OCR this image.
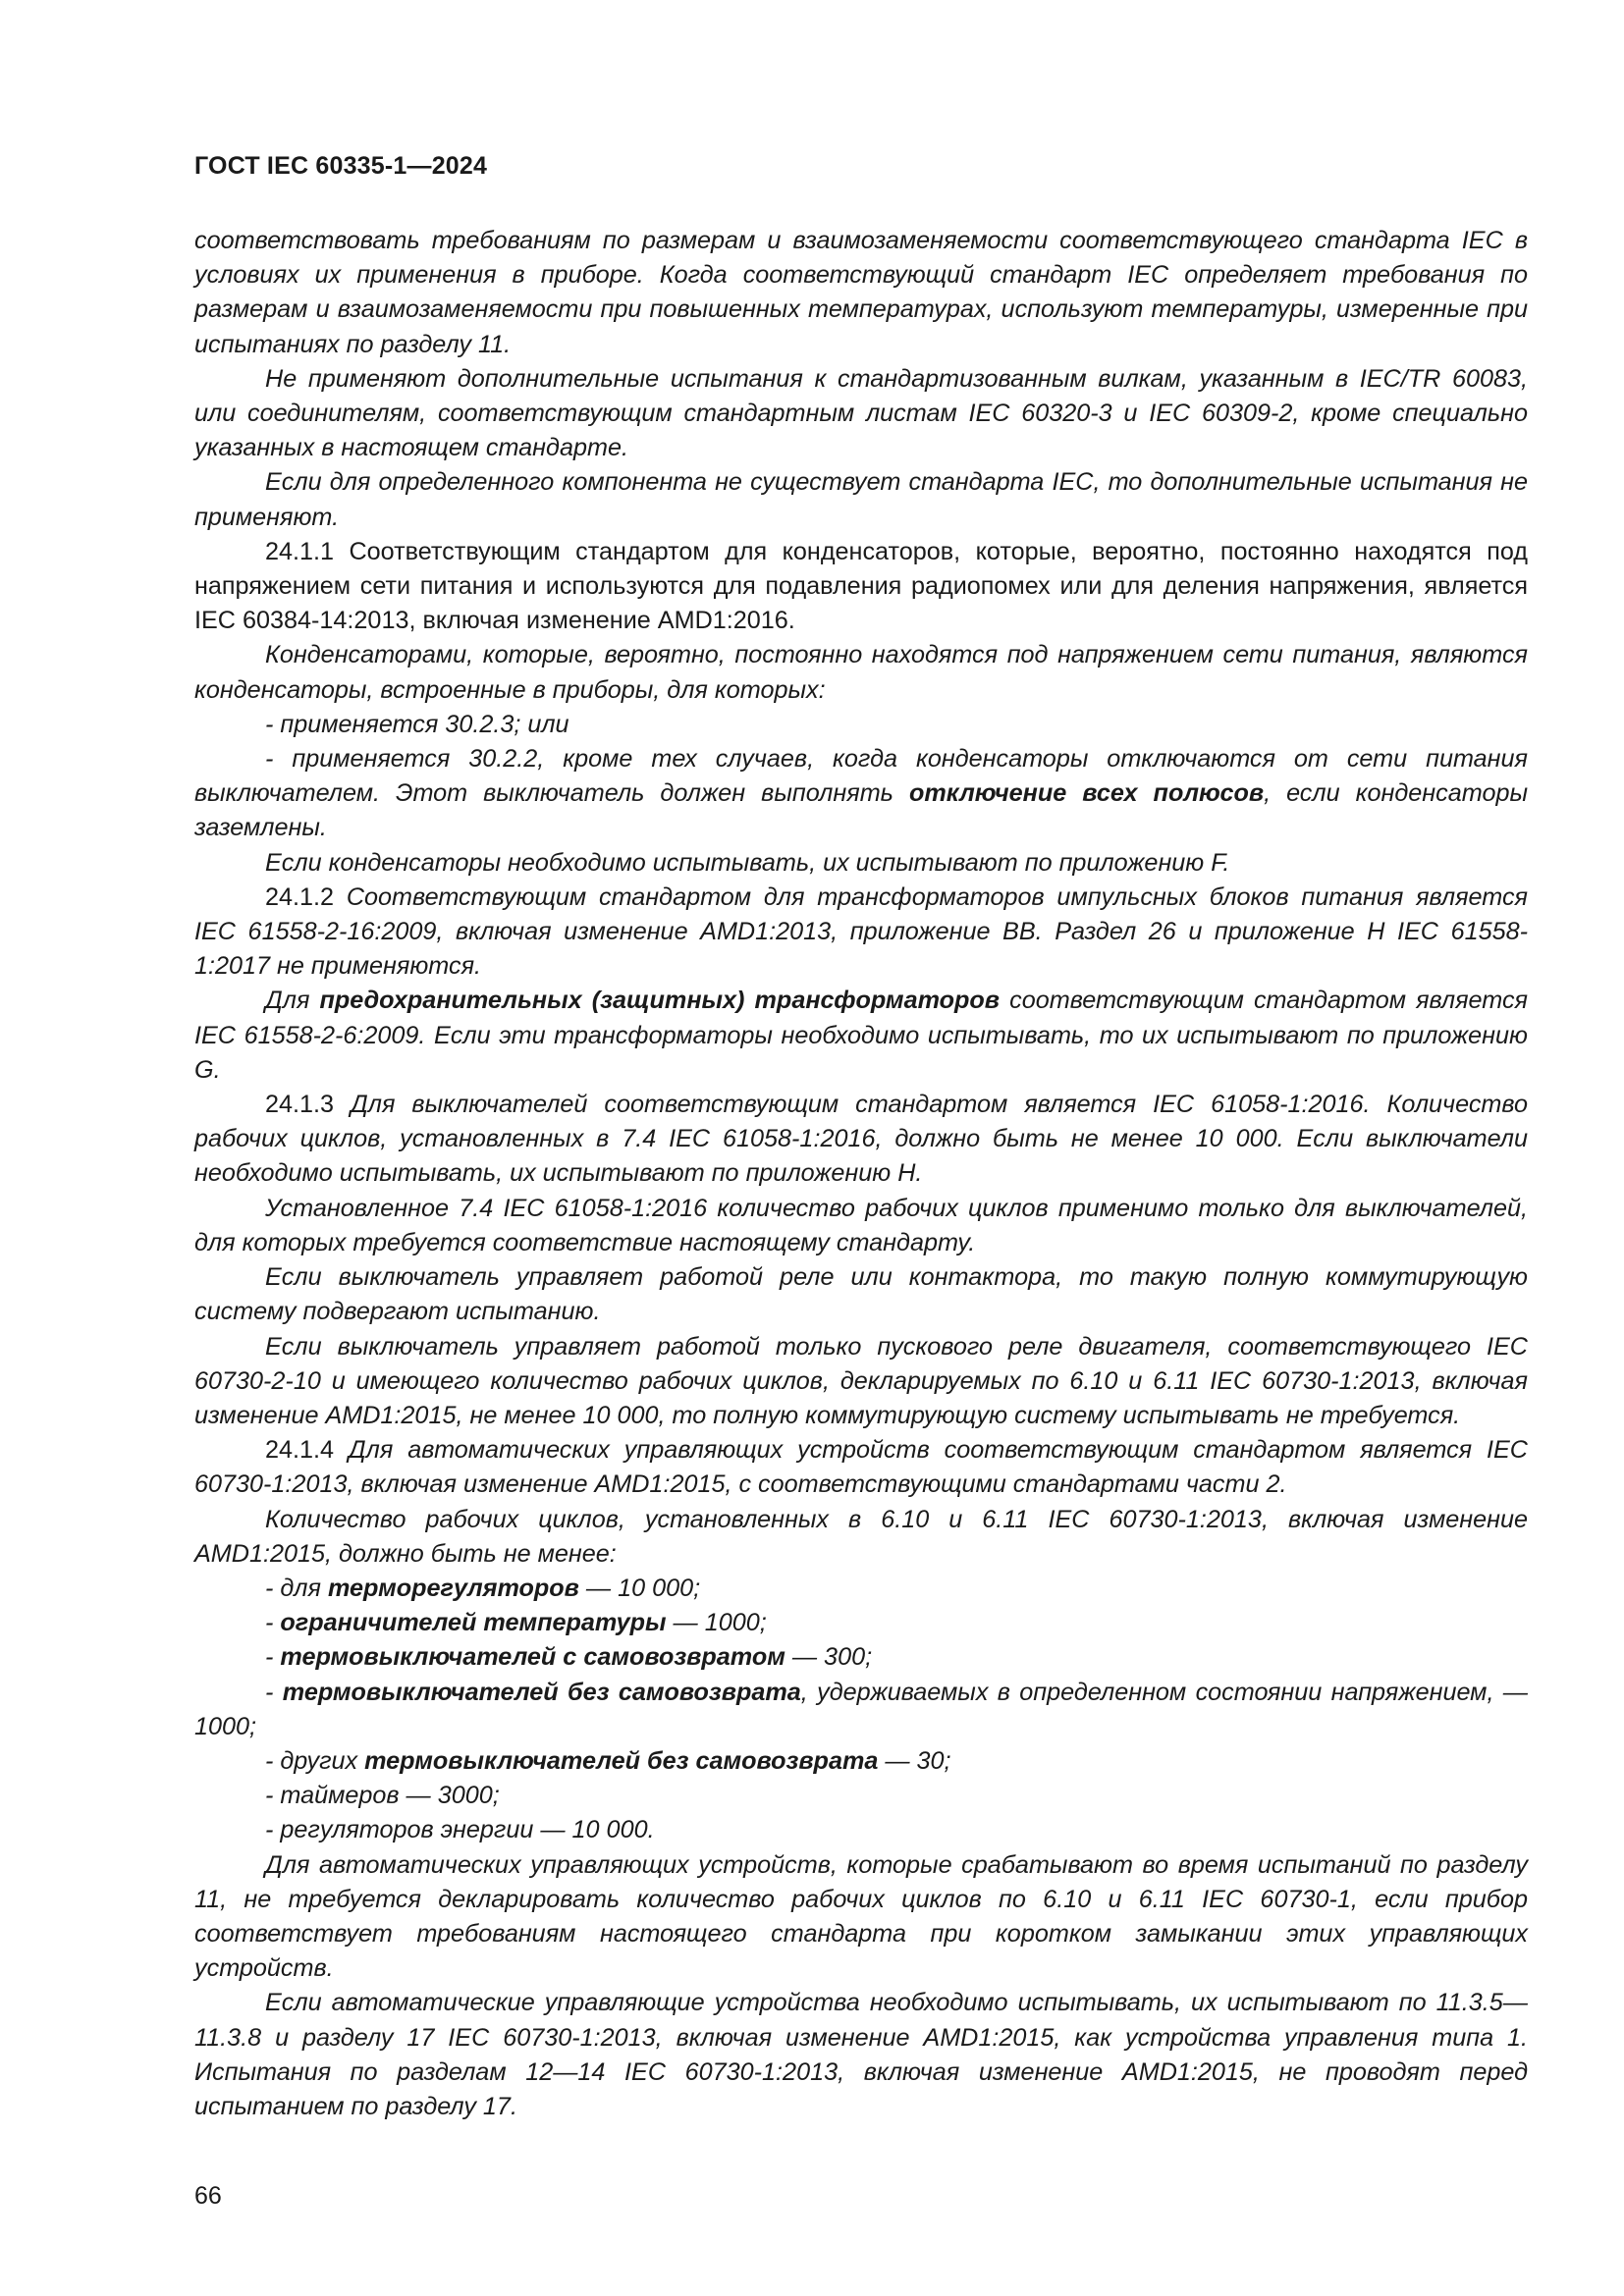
ГОСТ IEC 60335-1—2024

соответствовать требованиям по размерам и взаимозаменяемости соответствующего стандарта IEC в условиях их применения в приборе. Когда соответствующий стандарт IEC определяет требования по размерам и взаимозаменяемости при повышенных температурах, используют температуры, измеренные при испытаниях по разделу 11.

Не применяют дополнительные испытания к стандартизованным вилкам, указанным в IEC/TR 60083, или соединителям, соответствующим стандартным листам IEC 60320-3 и IEC 60309-2, кроме специально указанных в настоящем стандарте.

Если для определенного компонента не существует стандарта IEC, то дополнительные испытания не применяют.

24.1.1 Соответствующим стандартом для конденсаторов, которые, вероятно, постоянно находятся под напряжением сети питания и используются для подавления радиопомех или для деления напряжения, является IEC 60384-14:2013, включая изменение AMD1:2016.

Конденсаторами, которые, вероятно, постоянно находятся под напряжением сети питания, являются конденсаторы, встроенные в приборы, для которых:

- применяется 30.2.3; или

- применяется 30.2.2, кроме тех случаев, когда конденсаторы отключаются от сети питания выключателем. Этот выключатель должен выполнять отключение всех полюсов, если конденсаторы заземлены.

Если конденсаторы необходимо испытывать, их испытывают по приложению F.

24.1.2 Соответствующим стандартом для трансформаторов импульсных блоков питания является IEC 61558-2-16:2009, включая изменение AMD1:2013, приложение BB. Раздел 26 и приложение H IEC 61558-1:2017 не применяются.

Для предохранительных (защитных) трансформаторов соответствующим стандартом является IEC 61558-2-6:2009. Если эти трансформаторы необходимо испытывать, то их испытывают по приложению G.

24.1.3 Для выключателей соответствующим стандартом является IEC 61058-1:2016. Количество рабочих циклов, установленных в 7.4 IEC 61058-1:2016, должно быть не менее 10 000. Если выключатели необходимо испытывать, их испытывают по приложению H.

Установленное 7.4 IEC 61058-1:2016 количество рабочих циклов применимо только для выключателей, для которых требуется соответствие настоящему стандарту.

Если выключатель управляет работой реле или контактора, то такую полную коммутирующую систему подвергают испытанию.

Если выключатель управляет работой только пускового реле двигателя, соответствующего IEC 60730-2-10 и имеющего количество рабочих циклов, декларируемых по 6.10 и 6.11 IEC 60730-1:2013, включая изменение AMD1:2015, не менее 10 000, то полную коммутирующую систему испытывать не требуется.

24.1.4 Для автоматических управляющих устройств соответствующим стандартом является IEC 60730-1:2013, включая изменение AMD1:2015, с соответствующими стандартами части 2.

Количество рабочих циклов, установленных в 6.10 и 6.11 IEC 60730-1:2013, включая изменение AMD1:2015, должно быть не менее:

- для терморегуляторов — 10 000;

- ограничителей температуры — 1000;

- термовыключателей с самовозвратом — 300;

- термовыключателей без самовозврата, удерживаемых в определенном состоянии напряжением, — 1000;

- других термовыключателей без самовозврата — 30;

- таймеров — 3000;

- регуляторов энергии — 10 000.

Для автоматических управляющих устройств, которые срабатывают во время испытаний по разделу 11, не требуется декларировать количество рабочих циклов по 6.10 и 6.11 IEC 60730-1, если прибор соответствует требованиям настоящего стандарта при коротком замыкании этих управляющих устройств.

Если автоматические управляющие устройства необходимо испытывать, их испытывают по 11.3.5—11.3.8 и разделу 17 IEC 60730-1:2013, включая изменение AMD1:2015, как устройства управления типа 1. Испытания по разделам 12—14 IEC 60730-1:2013, включая изменение AMD1:2015, не проводят перед испытанием по разделу 17.

66
